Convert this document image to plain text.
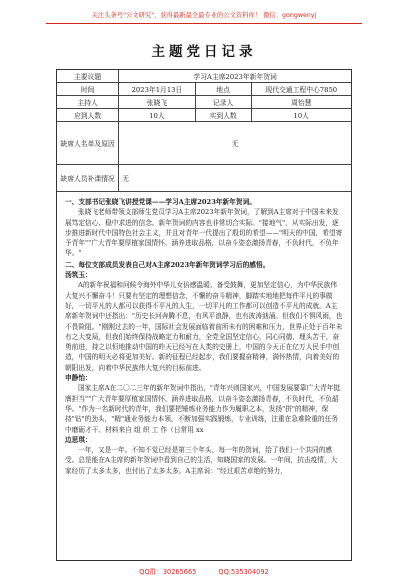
关注头条号"公文研究"，获得最新最全最专业的公文资料库！ 微信：gongwenyj
主题党日记录
主要议题	学习A主席2023年新年贺词		
时间	2023年1月13日	地点	现代交通工程中心7850
主持人	张晓飞	记录人	周怡慧
应到人数	10人	实到人数	10人
缺席人名单及原因	无		
缺席人员补课情况	无		

一、支部书记张晓飞讲授党课——学习A主席2023年新年贺词。

张晓飞老师带领支部师生党员学习A主席2023年新年贺词，了解到A主席对于中国未来发展笃定信心、稳中求进的信念。新年贺词的内容也非常切合实际。"接地气"，从实际出发，逐步推进新时代中国特色社会主义，并且对青年一代提出了殷切的希望——"明天的中国，希望寄予青年""广大青年要厚植家国情怀、涵养进取品格，以奋斗姿态激扬青春，不负时代，不负年华。"

二、每位支部成员发表自己对A主席2023年新年贺词学习后的感悟。

汤筑玉：

A的新年祝福和问候令海外中华儿女倍感温暖、备受鼓舞，更加坚定信心，为中华民族伟大复兴不懈奋斗！只要有坚定的理想信念，不懈的奋斗精神，脚踏实地地把每件平凡的事做好，一切平凡的人都可以获得不平凡的人生，一切平凡的工作都可以创造不平凡的成就。A主席新年贺词中还指出："历史长河奔腾不息，有风平浪静，也有波涛汹涌。但我们不惧风雨，也不畏险阻。"刚刚过去的一年，国际社会发展面临着前所未有的困难和压力，世界正处于百年未有之大变局，但我们始终保持战略定力和耐力，全党全国坚定信心，同心同德，埋头苦干，奋勇前进，持之以恒地推动中国的昨天已经写在人类的史册上，中国的今天正在亿万人民手中创造，中国的明天必将更加美好。新的征程已经起步，我们要握奋精神，满怀热情，向着美好的朝阳出发，向着中华民族伟大复兴的目标前进。

申静怡：

国家主席A在二〇二三年的新年贺词中指出，"青年兴则国家兴，中国发展要靠广大青年挺膺担当""广大青年要厚植家国情怀、涵养进取品格，以奋斗姿态激扬青春，不负时代，不负韶华。"作为一名新时代的青年，我们要把锤炼业务能力作为履职之本，发扬"拼"的精神，保持"钻"的劲头，"精"通业务能力本领，不断加强实践锻炼，专业训练，注重在急难险重的任务中磨砺才干、材料来自 组 织 工 作（日常用 xx

边思琪：

一年，又是一年。不知不觉已经是第三个年头，每一年的贺词，给了我们一个共同的感受。总是能在A主席的新年贺词中看到自己的生活，知晓国家的发展。一年间，抗击疫情，大家经历了太多太多，也付出了太多太多。A主席说："经过艰苦卓绝的努力，

QQ群：30265665	QQ:535304092
